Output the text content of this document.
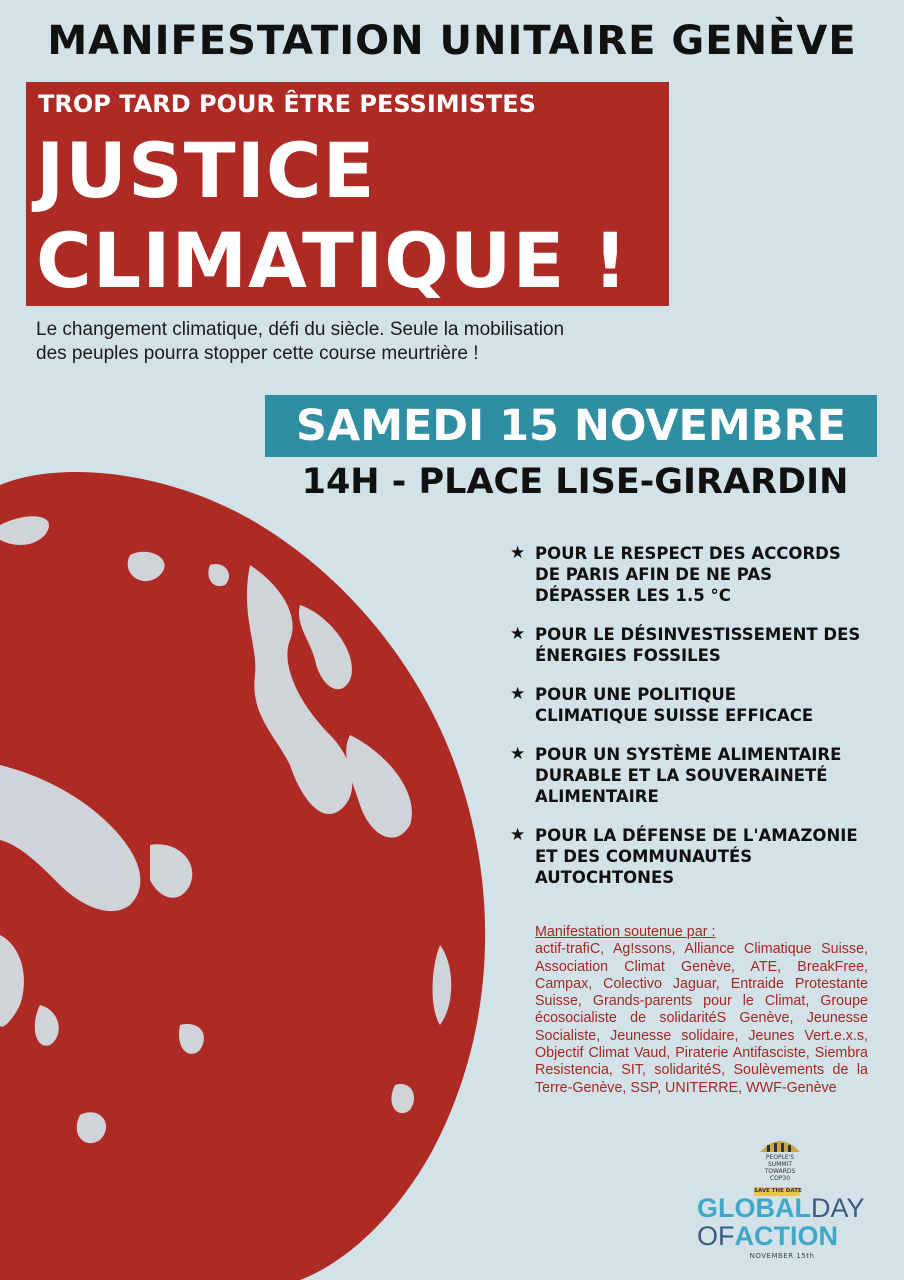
MANIFESTATION UNITAIRE GENÈVE
TROP TARD POUR ÊTRE PESSIMISTES
JUSTICE
CLIMATIQUE !
Le changement climatique, défi du siècle. Seule la mobilisation
des peuples pourra stopper cette course meurtrière !
SAMEDI 15 NOVEMBRE
14H - PLACE LISE-GIRARDIN
★ POUR LE RESPECT DES ACCORDS
DE PARIS AFIN DE NE PAS
DÉPASSER LES 1.5 °C
★ POUR LE DÉSINVESTISSEMENT DES
ÉNERGIES FOSSILES
★ POUR UNE POLITIQUE
CLIMATIQUE SUISSE EFFICACE
★ POUR UN SYSTÈME ALIMENTAIRE
DURABLE ET LA SOUVERAINETÉ
ALIMENTAIRE
★ POUR LA DÉFENSE DE L'AMAZONIE
ET DES COMMUNAUTÉS
AUTOCHTONES
Manifestation soutenue par :
actif-trafiC, Ag!ssons, Alliance Climatique Suisse, Association Climat Genève, ATE, BreakFree, Campax, Colectivo Jaguar, Entraide Protestante Suisse, Grands-parents pour le Climat, Groupe écosocialiste de solidaritéS Genève, Jeunesse Socialiste, Jeunesse solidaire, Jeunes Vert.e.x.s, Objectif Climat Vaud, Piraterie Antifasciste, Siembra Resistencia, SIT, solidaritéS, Soulèvements de la Terre-Genève, SSP, UNITERRE, WWF-Genève
PEOPLE'S SUMMIT
TOWARDS COP30
SAVE THE DATE
GLOBALDAY
OFACTION
NOVEMBER 15th
